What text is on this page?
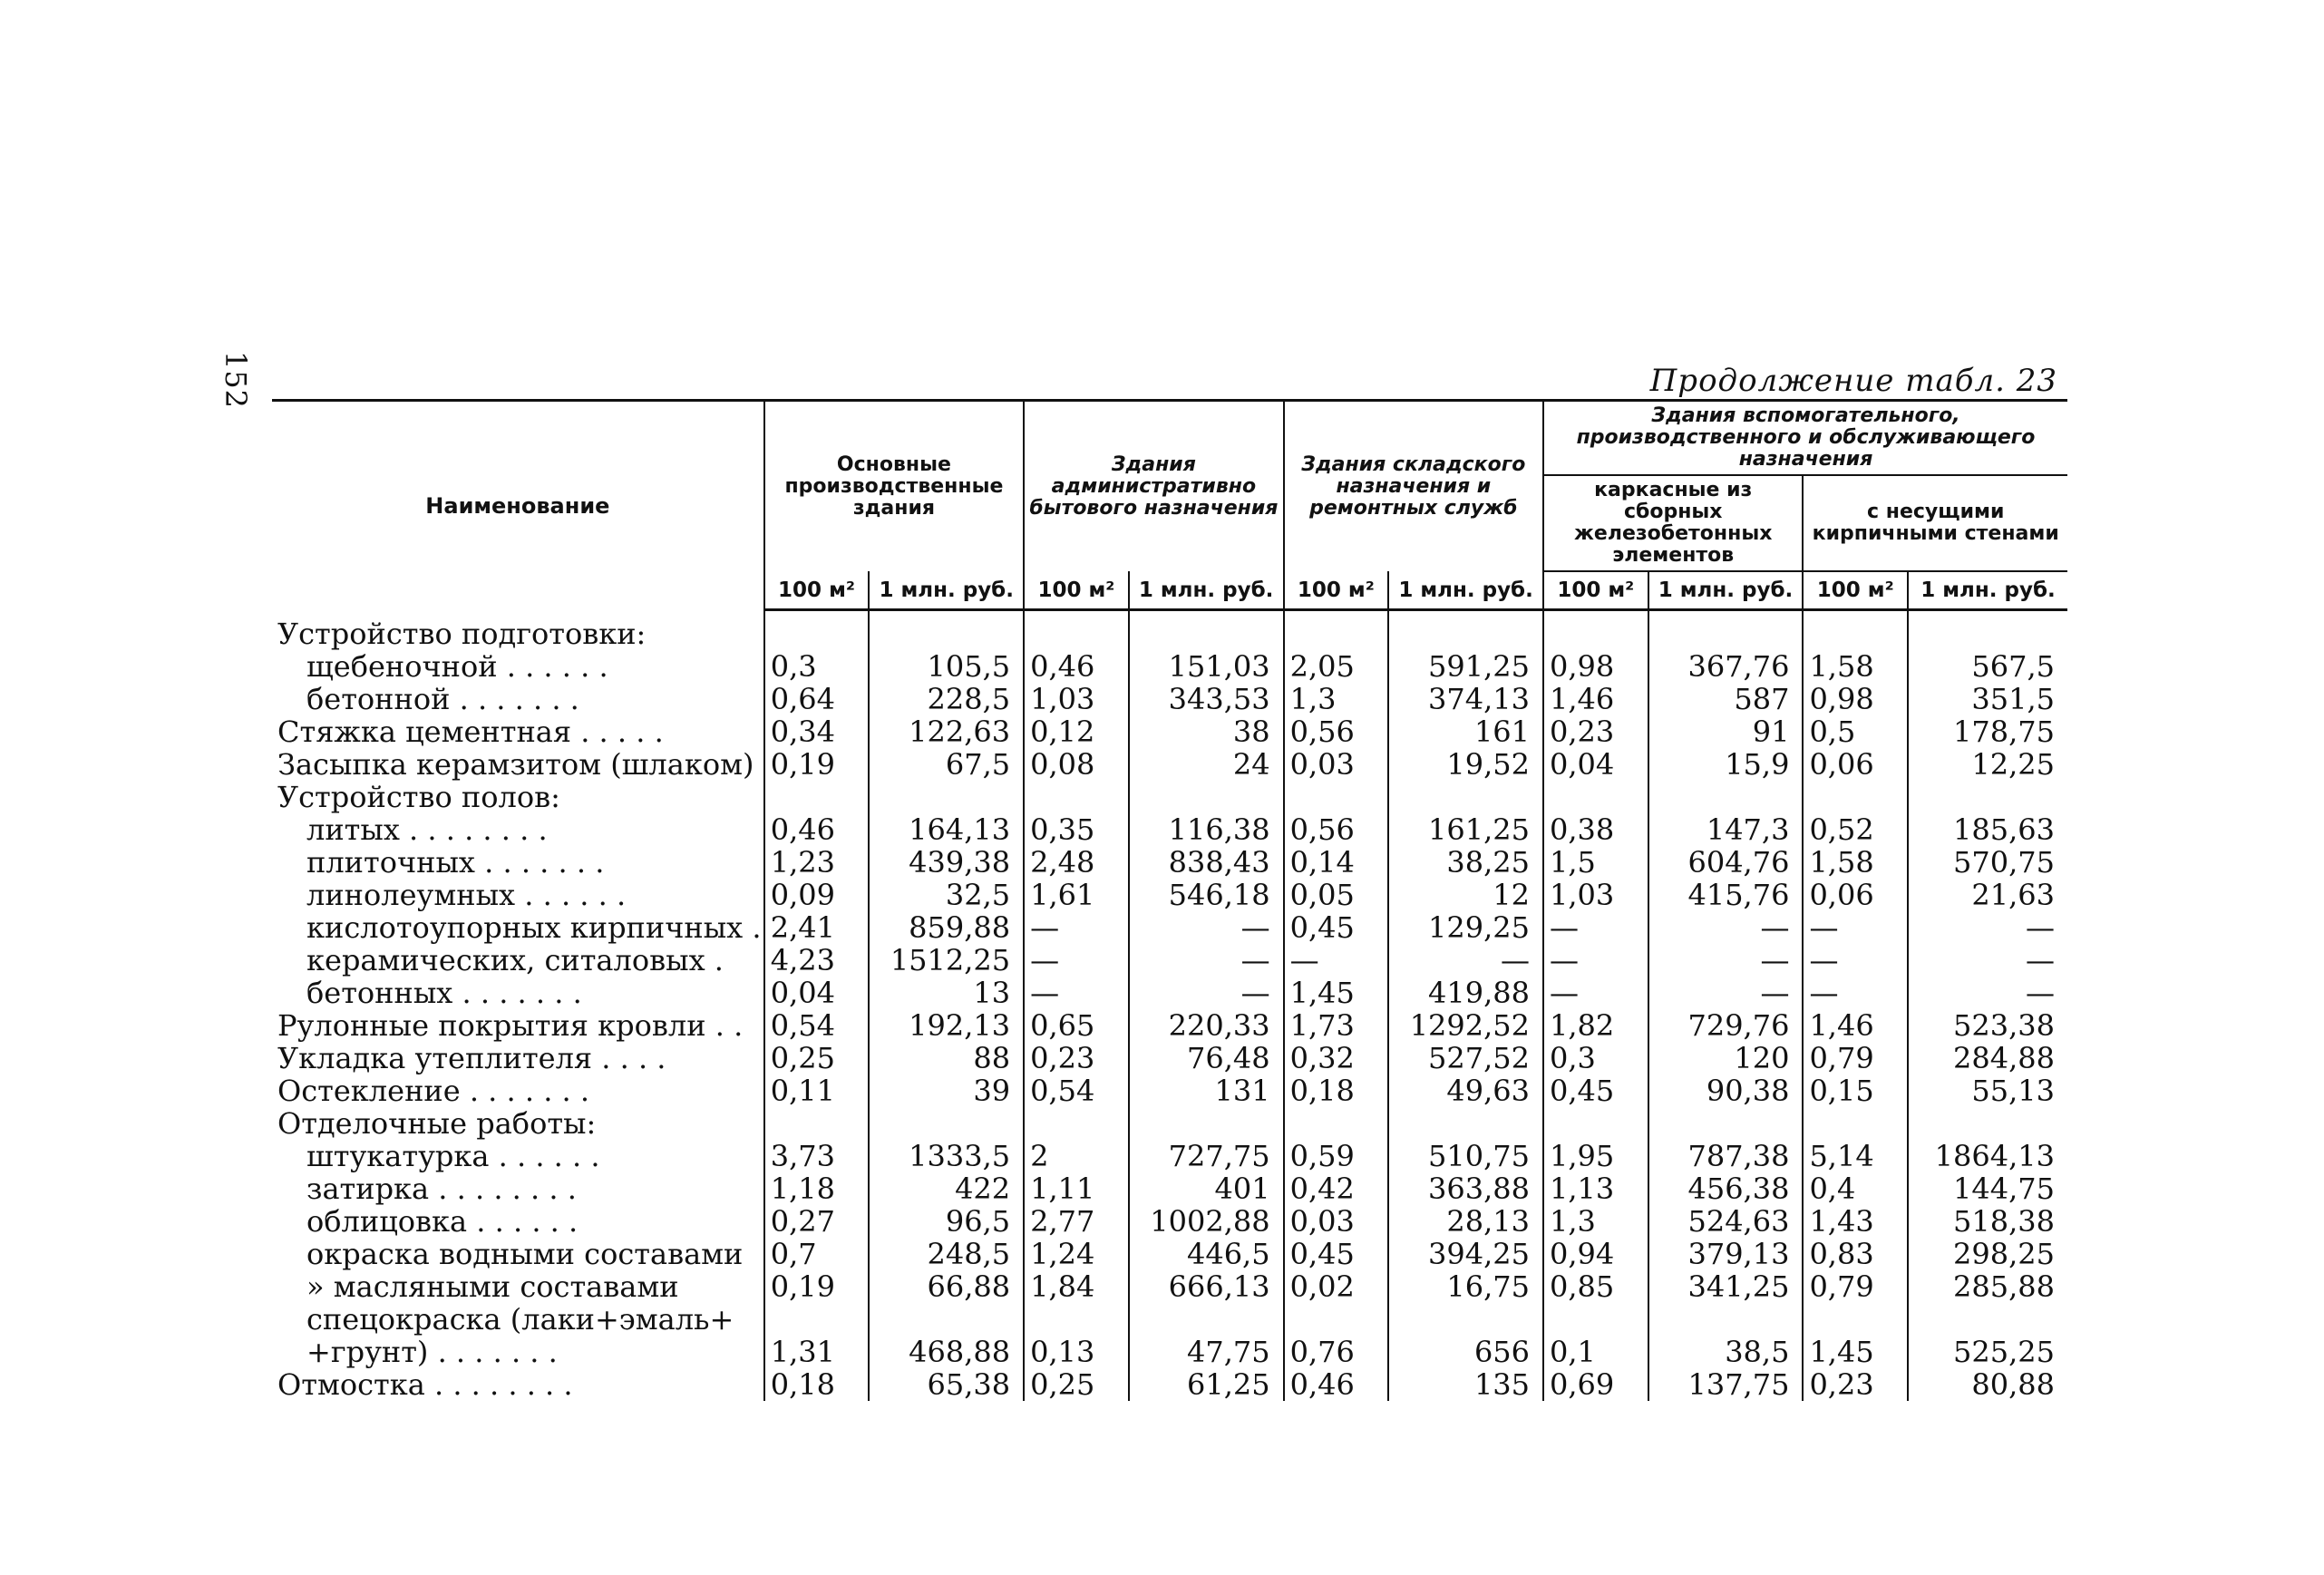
152	Продолжение табл. 23
Наименование	Основные производственные здания		Здания административно бытового назначения		Здания складского назначения и ремонтных служб		Здания вспомогательного, производственного и обслуживающего назначения			
							каркасные из сборных железобетонных элементов		с несущими кирпичными стенами	
	100 м²	1 млн. руб.	100 м²	1 млн. руб.	100 м²	1 млн. руб.	100 м²	1 млн. руб.	100 м²	1 млн. руб.
Устройство подготовки:										
щебеночной . . . . . .	0,3	105,5	0,46	151,03	2,05	591,25	0,98	367,76	1,58	567,5
бетонной . . . . . . .	0,64	228,5	1,03	343,53	1,3	374,13	1,46	587	0,98	351,5
Стяжка цементная . . . . .	0,34	122,63	0,12	38	0,56	161	0,23	91	0,5	178,75
Засыпка керамзитом (шлаком)	0,19	67,5	0,08	24	0,03	19,52	0,04	15,9	0,06	12,25
Устройство полов:										
литых . . . . . . . .	0,46	164,13	0,35	116,38	0,56	161,25	0,38	147,3	0,52	185,63
плиточных . . . . . . .	1,23	439,38	2,48	838,43	0,14	38,25	1,5	604,76	1,58	570,75
линолеумных . . . . . .	0,09	32,5	1,61	546,18	0,05	12	1,03	415,76	0,06	21,63
кислотоупорных кирпичных .	2,41	859,88	—	—	0,45	129,25	—	—	—	—
керамических, ситаловых .	4,23	1512,25	—	—	—	—	—	—	—	—
бетонных . . . . . . .	0,04	13	—	—	1,45	419,88	—	—	—	—
Рулонные покрытия кровли . .	0,54	192,13	0,65	220,33	1,73	1292,52	1,82	729,76	1,46	523,38
Укладка утеплителя . . . .	0,25	88	0,23	76,48	0,32	527,52	0,3	120	0,79	284,88
Остекление . . . . . . .	0,11	39	0,54	131	0,18	49,63	0,45	90,38	0,15	55,13
Отделочные работы:										
штукатурка . . . . . .	3,73	1333,5	2	727,75	0,59	510,75	1,95	787,38	5,14	1864,13
затирка . . . . . . . .	1,18	422	1,11	401	0,42	363,88	1,13	456,38	0,4	144,75
облицовка . . . . . .	0,27	96,5	2,77	1002,88	0,03	28,13	1,3	524,63	1,43	518,38
окраска водными составами	0,7	248,5	1,24	446,5	0,45	394,25	0,94	379,13	0,83	298,25
» масляными составами	0,19	66,88	1,84	666,13	0,02	16,75	0,85	341,25	0,79	285,88
спецокраска (лаки+эмаль+										
+грунт) . . . . . . .	1,31	468,88	0,13	47,75	0,76	656	0,1	38,5	1,45	525,25
Отмостка . . . . . . . .	0,18	65,38	0,25	61,25	0,46	135	0,69	137,75	0,23	80,88
